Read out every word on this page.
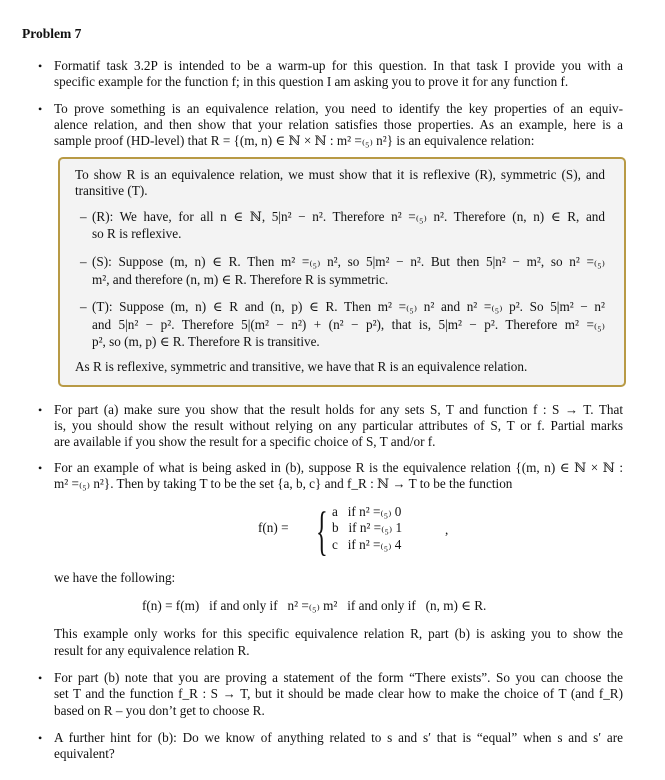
Problem 7
• Formatif task 3.2P is intended to be a warm-up for this question. In that task I provide you with a
specific example for the function f; in this question I am asking you to prove it for any function f.
• To prove something is an equivalence relation, you need to identify the key properties of an equiv-
alence relation, and then show that your relation satisfies those properties. As an example, here is a
sample proof (HD-level) that R = {(m, n) ∈ ℕ × ℕ : m² =₍₅₎ n²} is an equivalence relation:
To show R is an equivalence relation, we must show that it is reflexive (R), symmetric (S), and
transitive (T).
– (R): We have, for all n ∈ ℕ, 5|n² − n². Therefore n² =₍₅₎ n². Therefore (n, n) ∈ R, and
so R is reflexive.
– (S): Suppose (m, n) ∈ R. Then m² =₍₅₎ n², so 5|m² − n². But then 5|n² − m², so n² =₍₅₎
m², and therefore (n, m) ∈ R. Therefore R is symmetric.
– (T): Suppose (m, n) ∈ R and (n, p) ∈ R. Then m² =₍₅₎ n² and n² =₍₅₎ p². So 5|m² − n²
and 5|n² − p². Therefore 5|(m² − n²) + (n² − p²), that is, 5|m² − p². Therefore m² =₍₅₎
p², so (m, p) ∈ R. Therefore R is transitive.
As R is reflexive, symmetric and transitive, we have that R is an equivalence relation.
• For part (a) make sure you show that the result holds for any sets S, T and function f : S → T. That
is, you should show the result without relying on any particular attributes of S, T or f. Partial marks
are available if you show the result for a specific choice of S, T and/or f.
• For an example of what is being asked in (b), suppose R is the equivalence relation {(m, n) ∈ ℕ × ℕ :
m² =₍₅₎ n²}. Then by taking T to be the set {a, b, c} and f_R : ℕ → T to be the function
f(n) = { a   if n² =₍₅₎ 0
b   if n² =₍₅₎ 1
c   if n² =₍₅₎ 4
,
we have the following:
f(n) = f(m)   if and only if   n² =₍₅₎ m²   if and only if   (n, m) ∈ R.
This example only works for this specific equivalence relation R, part (b) is asking you to show the
result for any equivalence relation R.
• For part (b) note that you are proving a statement of the form “There exists”. So you can choose the
set T and the function f_R : S → T, but it should be made clear how to make the choice of T (and f_R)
based on R – you don’t get to choose R.
• A further hint for (b): Do we know of anything related to s and s′ that is “equal” when s and s′ are
equivalent?
